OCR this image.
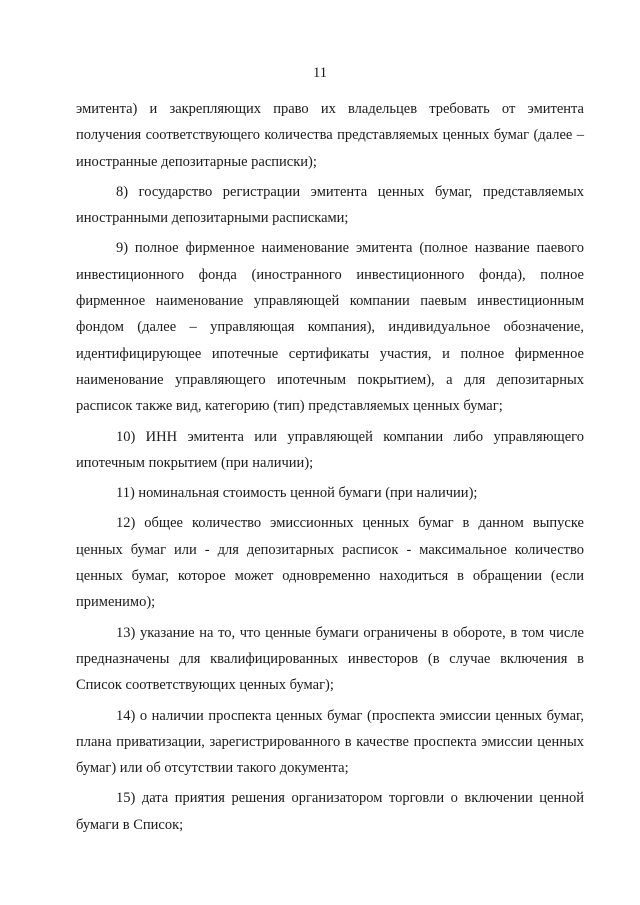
11

эмитента) и закрепляющих право их владельцев требовать от эмитента получения соответствующего количества представляемых ценных бумаг (далее – иностранные депозитарные расписки);

8) государство регистрации эмитента ценных бумаг, представляемых иностранными депозитарными расписками;

9) полное фирменное наименование эмитента (полное название паевого инвестиционного фонда (иностранного инвестиционного фонда), полное фирменное наименование управляющей компании паевым инвестиционным фондом (далее – управляющая компания), индивидуальное обозначение, идентифицирующее ипотечные сертификаты участия, и полное фирменное наименование управляющего ипотечным покрытием), а для депозитарных расписок также вид, категорию (тип) представляемых ценных бумаг;

10) ИНН эмитента или управляющей компании либо управляющего ипотечным покрытием (при наличии);

11) номинальная стоимость ценной бумаги (при наличии);

12) общее количество эмиссионных ценных бумаг в данном выпуске ценных бумаг или - для депозитарных расписок - максимальное количество ценных бумаг, которое может одновременно находиться в обращении (если применимо);

13) указание на то, что ценные бумаги ограничены в обороте, в том числе предназначены для квалифицированных инвесторов (в случае включения в Список соответствующих ценных бумаг);

14) о наличии проспекта ценных бумаг (проспекта эмиссии ценных бумаг, плана приватизации, зарегистрированного в качестве проспекта эмиссии ценных бумаг) или об отсутствии такого документа;

15) дата приятия решения организатором торговли о включении ценной бумаги в Список;
